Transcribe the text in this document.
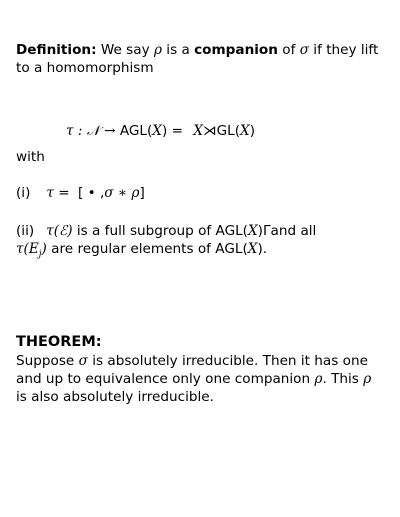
Definition: We say ρ is a companion of σ if they lift to a homomorphism
τ : 𝒩 → AGL(X) = X⋊GL(X)
with
(i) τ = [ • ,σ ∗ ρ]
(ii) τ(ℰ) is a full subgroup of AGL(X)Γand all
$\tau(E_j)$ are regular elements of AGL(X).
THEOREM:
Suppose σ is absolutely irreducible. Then it has one and up to equivalence only one companion ρ. This ρ is also absolutely irreducible.
